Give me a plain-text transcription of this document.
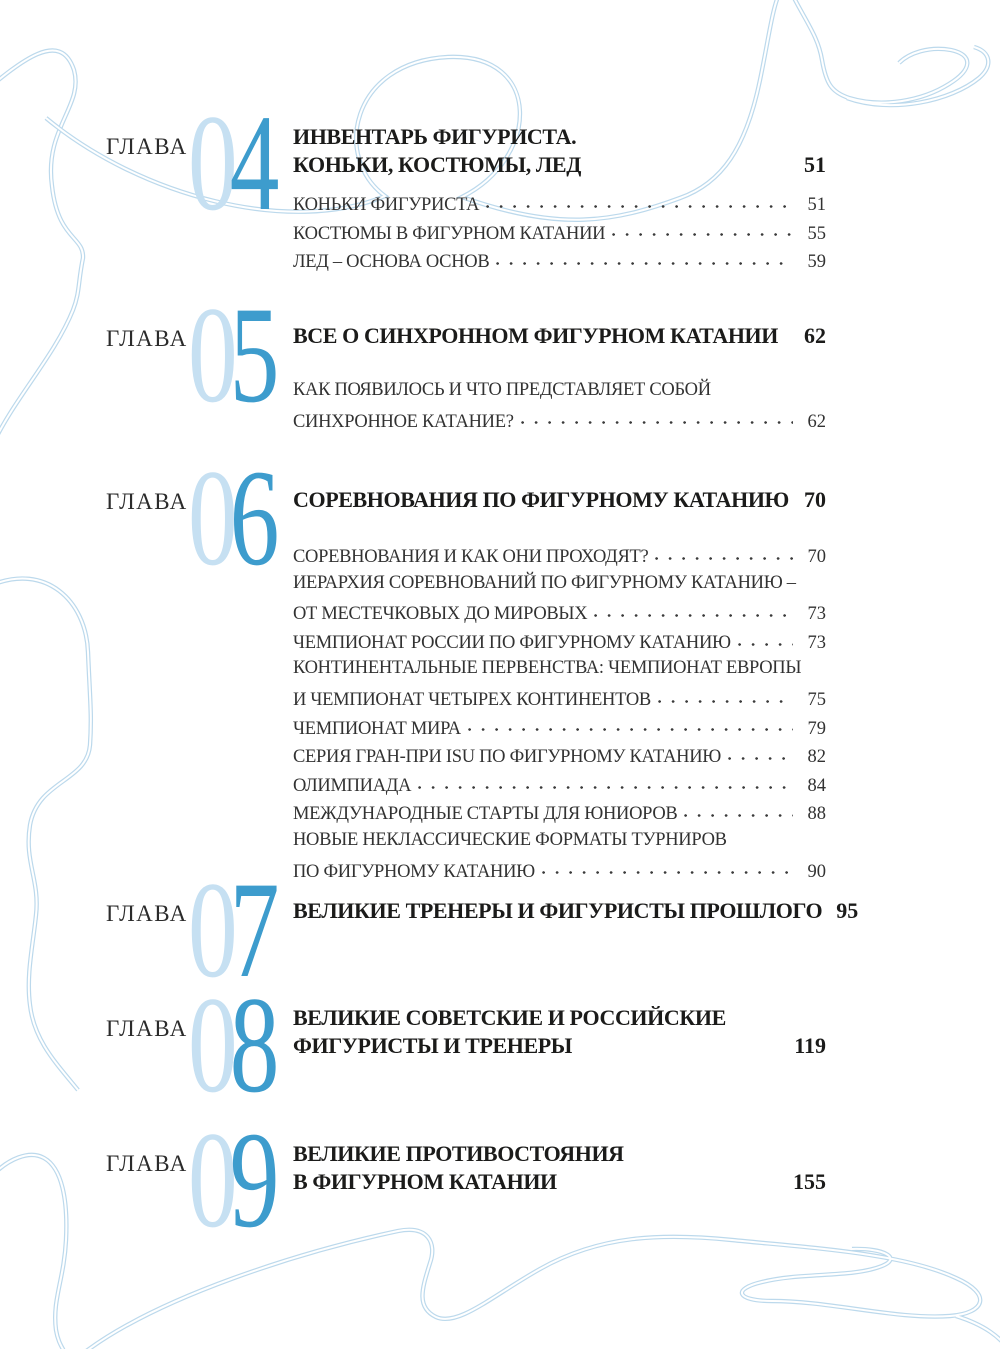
ГЛАВА 04 ИНВЕНТАРЬ ФИГУРИСТА.
КОНЬКИ, КОСТЮМЫ, ЛЕД	51
КОНЬКИ ФИГУРИСТА	51
КОСТЮМЫ В ФИГУРНОМ КАТАНИИ	55
ЛЕД – ОСНОВА ОСНОВ	59
ГЛАВА 05 ВСЕ О СИНХРОННОМ ФИГУРНОМ КАТАНИИ	62
КАК ПОЯВИЛОСЬ И ЧТО ПРЕДСТАВЛЯЕТ СОБОЙ
СИНХРОННОЕ КАТАНИЕ?	62
ГЛАВА 06 СОРЕВНОВАНИЯ ПО ФИГУРНОМУ КАТАНИЮ 70
СОРЕВНОВАНИЯ И КАК ОНИ ПРОХОДЯТ?	70
ИЕРАРХИЯ СОРЕВНОВАНИЙ ПО ФИГУРНОМУ КАТАНИЮ –
ОТ МЕСТЕЧКОВЫХ ДО МИРОВЫХ	73
ЧЕМПИОНАТ РОССИИ ПО ФИГУРНОМУ КАТАНИЮ	73
КОНТИНЕНТАЛЬНЫЕ ПЕРВЕНСТВА: ЧЕМПИОНАТ ЕВРОПЫ
И ЧЕМПИОНАТ ЧЕТЫРЕХ КОНТИНЕНТОВ	75
ЧЕМПИОНАТ МИРА	79
СЕРИЯ ГРАН-ПРИ ISU ПО ФИГУРНОМУ КАТАНИЮ	82
ОЛИМПИАДА	84
МЕЖДУНАРОДНЫЕ СТАРТЫ ДЛЯ ЮНИОРОВ	88
НОВЫЕ НЕКЛАССИЧЕСКИЕ ФОРМАТЫ ТУРНИРОВ
ПО ФИГУРНОМУ КАТАНИЮ	90
ГЛАВА 07 ВЕЛИКИЕ ТРЕНЕРЫ И ФИГУРИСТЫ ПРОШЛОГО 95
ГЛАВА 08 ВЕЛИКИЕ СОВЕТСКИЕ И РОССИЙСКИЕ
ФИГУРИСТЫ И ТРЕНЕРЫ	119
ГЛАВА 09 ВЕЛИКИЕ ПРОТИВОСТОЯНИЯ
В ФИГУРНОМ КАТАНИИ	155
